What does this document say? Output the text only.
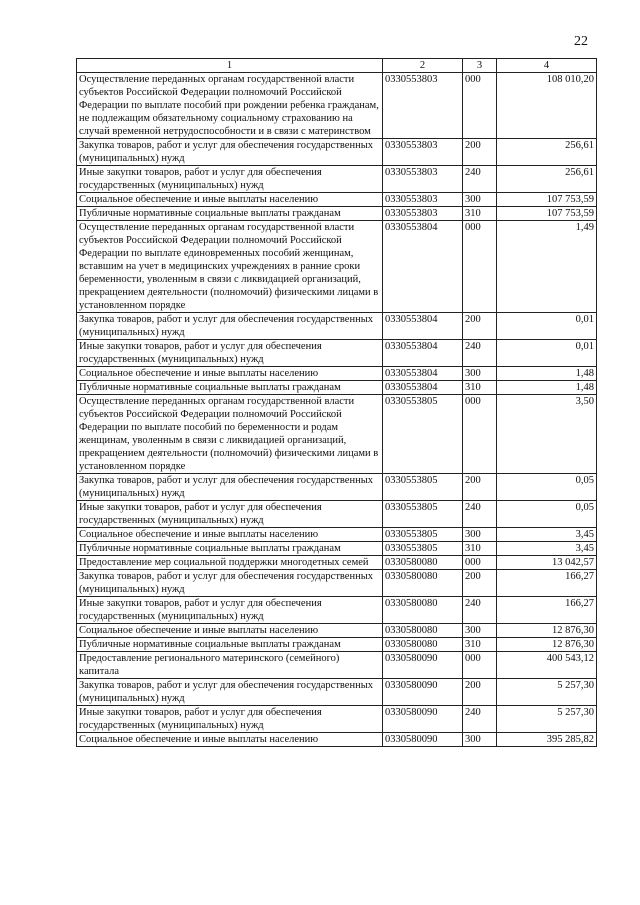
22
1	2	3	4
Осуществление переданных органам государственной власти субъектов Российской Федерации полномочий Российской Федерации по выплате пособий при рождении ребенка гражданам, не подлежащим обязательному социальному страхованию на случай временной нетрудоспособности и в связи с материнством	0330553803	000	108 010,20
Закупка товаров, работ и услуг для обеспечения государственных (муниципальных) нужд	0330553803	200	256,61
Иные закупки товаров, работ и услуг для обеспечения государственных (муниципальных) нужд	0330553803	240	256,61
Социальное обеспечение и иные выплаты населению	0330553803	300	107 753,59
Публичные нормативные социальные выплаты гражданам	0330553803	310	107 753,59
Осуществление переданных органам государственной власти субъектов Российской Федерации полномочий Российской Федерации по выплате единовременных пособий женщинам, вставшим на учет в медицинских учреждениях в ранние сроки беременности, уволенным в связи с ликвидацией организаций, прекращением деятельности (полномочий) физическими лицами в установленном порядке	0330553804	000	1,49
Закупка товаров, работ и услуг для обеспечения государственных (муниципальных) нужд	0330553804	200	0,01
Иные закупки товаров, работ и услуг для обеспечения государственных (муниципальных) нужд	0330553804	240	0,01
Социальное обеспечение и иные выплаты населению	0330553804	300	1,48
Публичные нормативные социальные выплаты гражданам	0330553804	310	1,48
Осуществление переданных органам государственной власти субъектов Российской Федерации полномочий Российской Федерации по выплате пособий по беременности и родам женщинам, уволенным в связи с ликвидацией организаций, прекращением деятельности (полномочий) физическими лицами в установленном порядке	0330553805	000	3,50
Закупка товаров, работ и услуг для обеспечения государственных (муниципальных) нужд	0330553805	200	0,05
Иные закупки товаров, работ и услуг для обеспечения государственных (муниципальных) нужд	0330553805	240	0,05
Социальное обеспечение и иные выплаты населению	0330553805	300	3,45
Публичные нормативные социальные выплаты гражданам	0330553805	310	3,45
Предоставление мер социальной поддержки многодетных семей	0330580080	000	13 042,57
Закупка товаров, работ и услуг для обеспечения государственных (муниципальных) нужд	0330580080	200	166,27
Иные закупки товаров, работ и услуг для обеспечения государственных (муниципальных) нужд	0330580080	240	166,27
Социальное обеспечение и иные выплаты населению	0330580080	300	12 876,30
Публичные нормативные социальные выплаты гражданам	0330580080	310	12 876,30
Предоставление регионального материнского (семейного) капитала	0330580090	000	400 543,12
Закупка товаров, работ и услуг для обеспечения государственных (муниципальных) нужд	0330580090	200	5 257,30
Иные закупки товаров, работ и услуг для обеспечения государственных (муниципальных) нужд	0330580090	240	5 257,30
Социальное обеспечение и иные выплаты населению	0330580090	300	395 285,82
